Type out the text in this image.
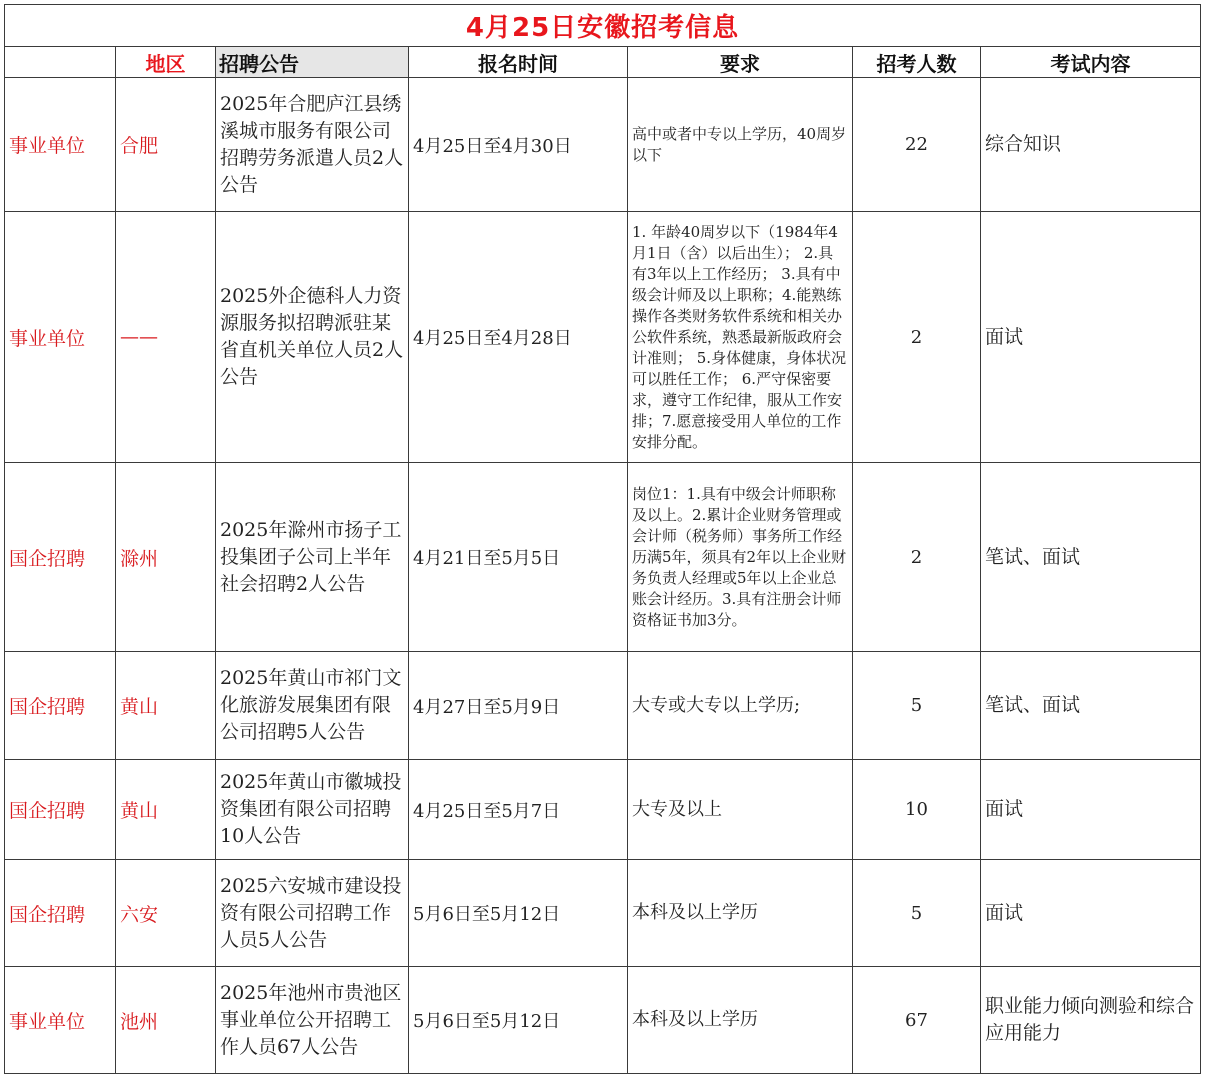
4月25日安徽招考信息						
	地区	招聘公告	报名时间	要求	招考人数	考试内容
事业单位	合肥	2025年合肥庐江县绣溪城市服务有限公司招聘劳务派遣人员2人公告	4月25日至4月30日	高中或者中专以上学历，40周岁以下	22	综合知识
事业单位	——	2025外企德科人力资源服务拟招聘派驻某省直机关单位人员2人公告	4月25日至4月28日	1. 年龄40周岁以下（1984年4月1日（含）以后出生）； 2.具有3年以上工作经历； 3.具有中级会计师及以上职称；4.能熟练操作各类财务软件系统和相关办公软件系统，熟悉最新版政府会计准则； 5.身体健康，身体状况可以胜任工作； 6.严守保密要求，遵守工作纪律，服从工作安排；7.愿意接受用人单位的工作安排分配。	2	面试
国企招聘	滁州	2025年滁州市扬子工投集团子公司上半年社会招聘2人公告	4月21日至5月5日	岗位1：1.具有中级会计师职称及以上。2.累计企业财务管理或会计师（税务师）事务所工作经历满5年，须具有2年以上企业财务负责人经理或5年以上企业总账会计经历。3.具有注册会计师资格证书加3分。	2	笔试、面试
国企招聘	黄山	2025年黄山市祁门文化旅游发展集团有限公司招聘5人公告	4月27日至5月9日	大专或大专以上学历;	5	笔试、面试
国企招聘	黄山	2025年黄山市徽城投资集团有限公司招聘10人公告	4月25日至5月7日	大专及以上	10	面试
国企招聘	六安	2025六安城市建设投资有限公司招聘工作人员5人公告	5月6日至5月12日	本科及以上学历	5	面试
事业单位	池州	2025年池州市贵池区事业单位公开招聘工作人员67人公告	5月6日至5月12日	本科及以上学历	67	职业能力倾向测验和综合应用能力
